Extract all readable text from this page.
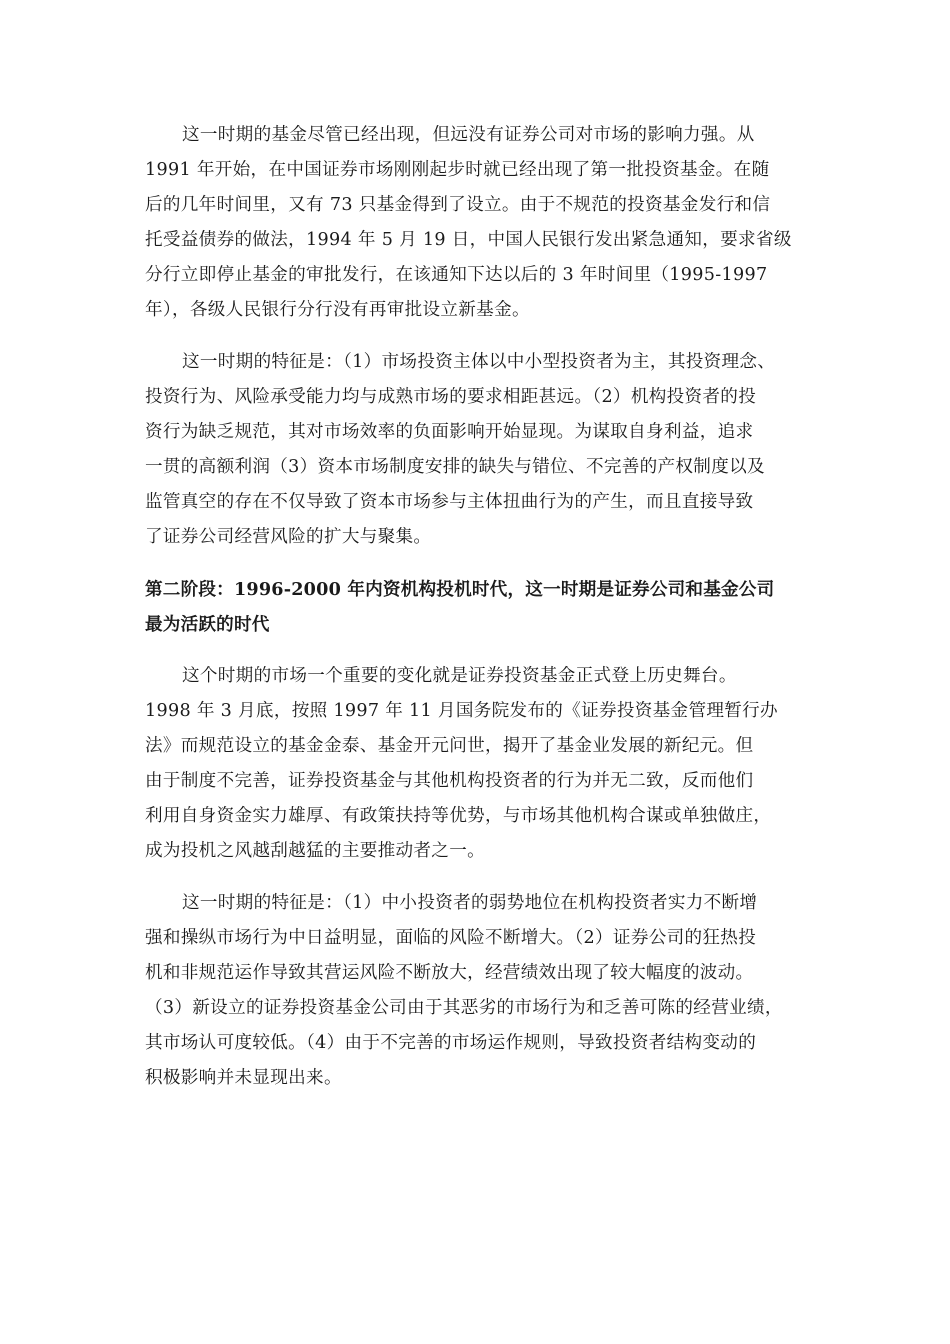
这一时期的基金尽管已经出现，但远没有证券公司对市场的影响力强。从
1991 年开始，在中国证券市场刚刚起步时就已经出现了第一批投资基金。在随
后的几年时间里，又有 73 只基金得到了设立。由于不规范的投资基金发行和信
托受益债券的做法，1994 年 5 月 19 日，中国人民银行发出紧急通知，要求省级
分行立即停止基金的审批发行，在该通知下达以后的 3 年时间里（1995-1997
年），各级人民银行分行没有再审批设立新基金。
这一时期的特征是：（1）市场投资主体以中小型投资者为主，其投资理念、
投资行为、风险承受能力均与成熟市场的要求相距甚远。（2）机构投资者的投
资行为缺乏规范，其对市场效率的负面影响开始显现。为谋取自身利益，追求
一贯的高额利润（3）资本市场制度安排的缺失与错位、不完善的产权制度以及
监管真空的存在不仅导致了资本市场参与主体扭曲行为的产生，而且直接导致
了证券公司经营风险的扩大与聚集。
第二阶段：1996-2000 年内资机构投机时代，这一时期是证券公司和基金公司
最为活跃的时代
这个时期的市场一个重要的变化就是证券投资基金正式登上历史舞台。
1998 年 3 月底，按照 1997 年 11 月国务院发布的《证券投资基金管理暂行办
法》而规范设立的基金金泰、基金开元问世，揭开了基金业发展的新纪元。但
由于制度不完善，证券投资基金与其他机构投资者的行为并无二致，反而他们
利用自身资金实力雄厚、有政策扶持等优势，与市场其他机构合谋或单独做庄，
成为投机之风越刮越猛的主要推动者之一。
这一时期的特征是：（1）中小投资者的弱势地位在机构投资者实力不断增
强和操纵市场行为中日益明显，面临的风险不断增大。（2）证券公司的狂热投
机和非规范运作导致其营运风险不断放大，经营绩效出现了较大幅度的波动。
（3）新设立的证券投资基金公司由于其恶劣的市场行为和乏善可陈的经营业绩，
其市场认可度较低。（4）由于不完善的市场运作规则，导致投资者结构变动的
积极影响并未显现出来。
